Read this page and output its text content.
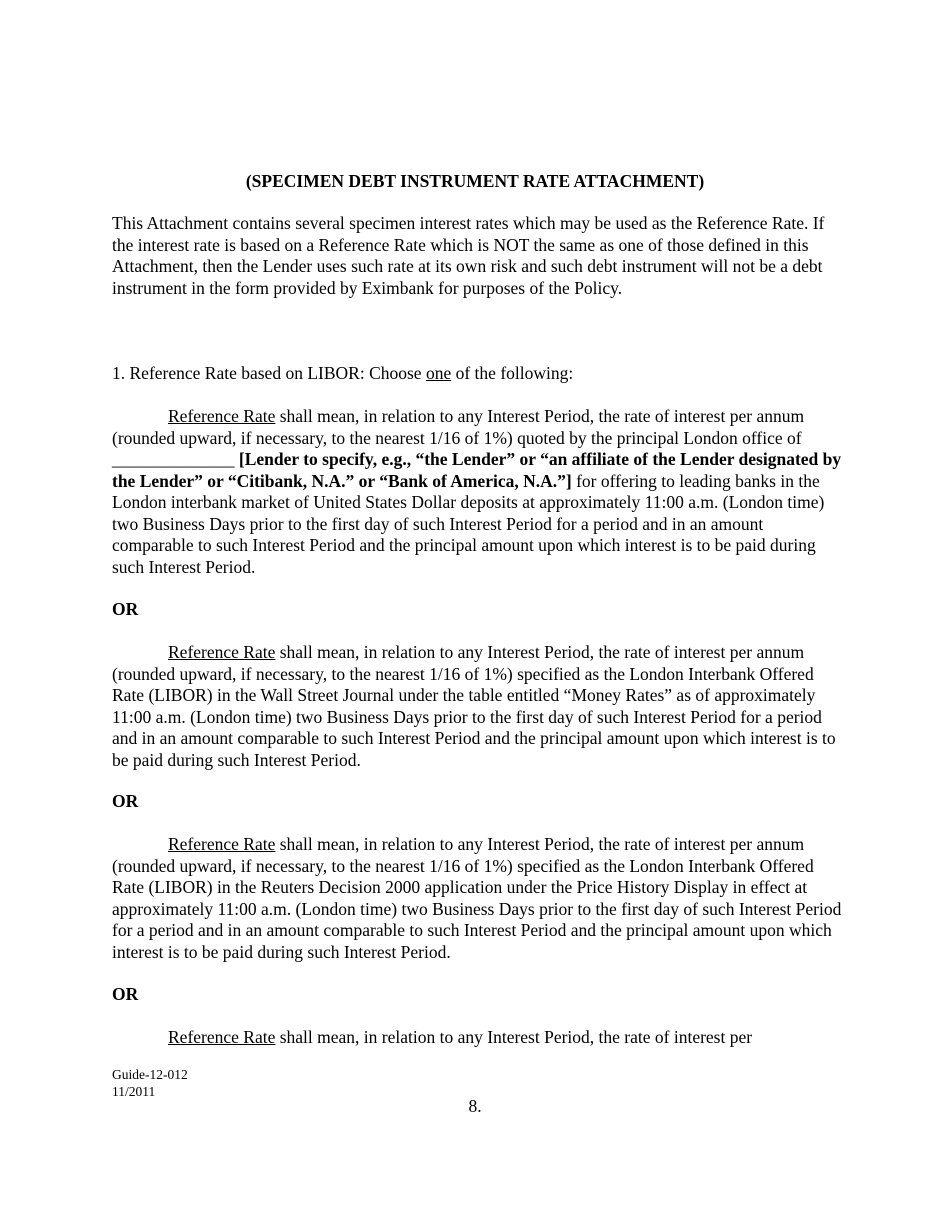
(SPECIMEN DEBT INSTRUMENT RATE ATTACHMENT)

This Attachment contains several specimen interest rates which may be used as the Reference Rate. If the interest rate is based on a Reference Rate which is NOT the same as one of those defined in this Attachment, then the Lender uses such rate at its own risk and such debt instrument will not be a debt instrument in the form provided by Eximbank for purposes of the Policy.

1. Reference Rate based on LIBOR: Choose one of the following:

Reference Rate shall mean, in relation to any Interest Period, the rate of interest per annum (rounded upward, if necessary, to the nearest 1/16 of 1%) quoted by the principal London office of ______________ [Lender to specify, e.g., “the Lender” or “an affiliate of the Lender designated by the Lender” or “Citibank, N.A.” or “Bank of America, N.A.”] for offering to leading banks in the London interbank market of United States Dollar deposits at approximately 11:00 a.m. (London time) two Business Days prior to the first day of such Interest Period for a period and in an amount comparable to such Interest Period and the principal amount upon which interest is to be paid during such Interest Period.

OR

Reference Rate shall mean, in relation to any Interest Period, the rate of interest per annum (rounded upward, if necessary, to the nearest 1/16 of 1%) specified as the London Interbank Offered Rate (LIBOR) in the Wall Street Journal under the table entitled “Money Rates” as of approximately 11:00 a.m. (London time) two Business Days prior to the first day of such Interest Period for a period and in an amount comparable to such Interest Period and the principal amount upon which interest is to be paid during such Interest Period.

OR

Reference Rate shall mean, in relation to any Interest Period, the rate of interest per annum (rounded upward, if necessary, to the nearest 1/16 of 1%) specified as the London Interbank Offered Rate (LIBOR) in the Reuters Decision 2000 application under the Price History Display in effect at approximately 11:00 a.m. (London time) two Business Days prior to the first day of such Interest Period for a period and in an amount comparable to such Interest Period and the principal amount upon which interest is to be paid during such Interest Period.

OR

Reference Rate shall mean, in relation to any Interest Period, the rate of interest per

Guide-12-012
11/2011
8.
